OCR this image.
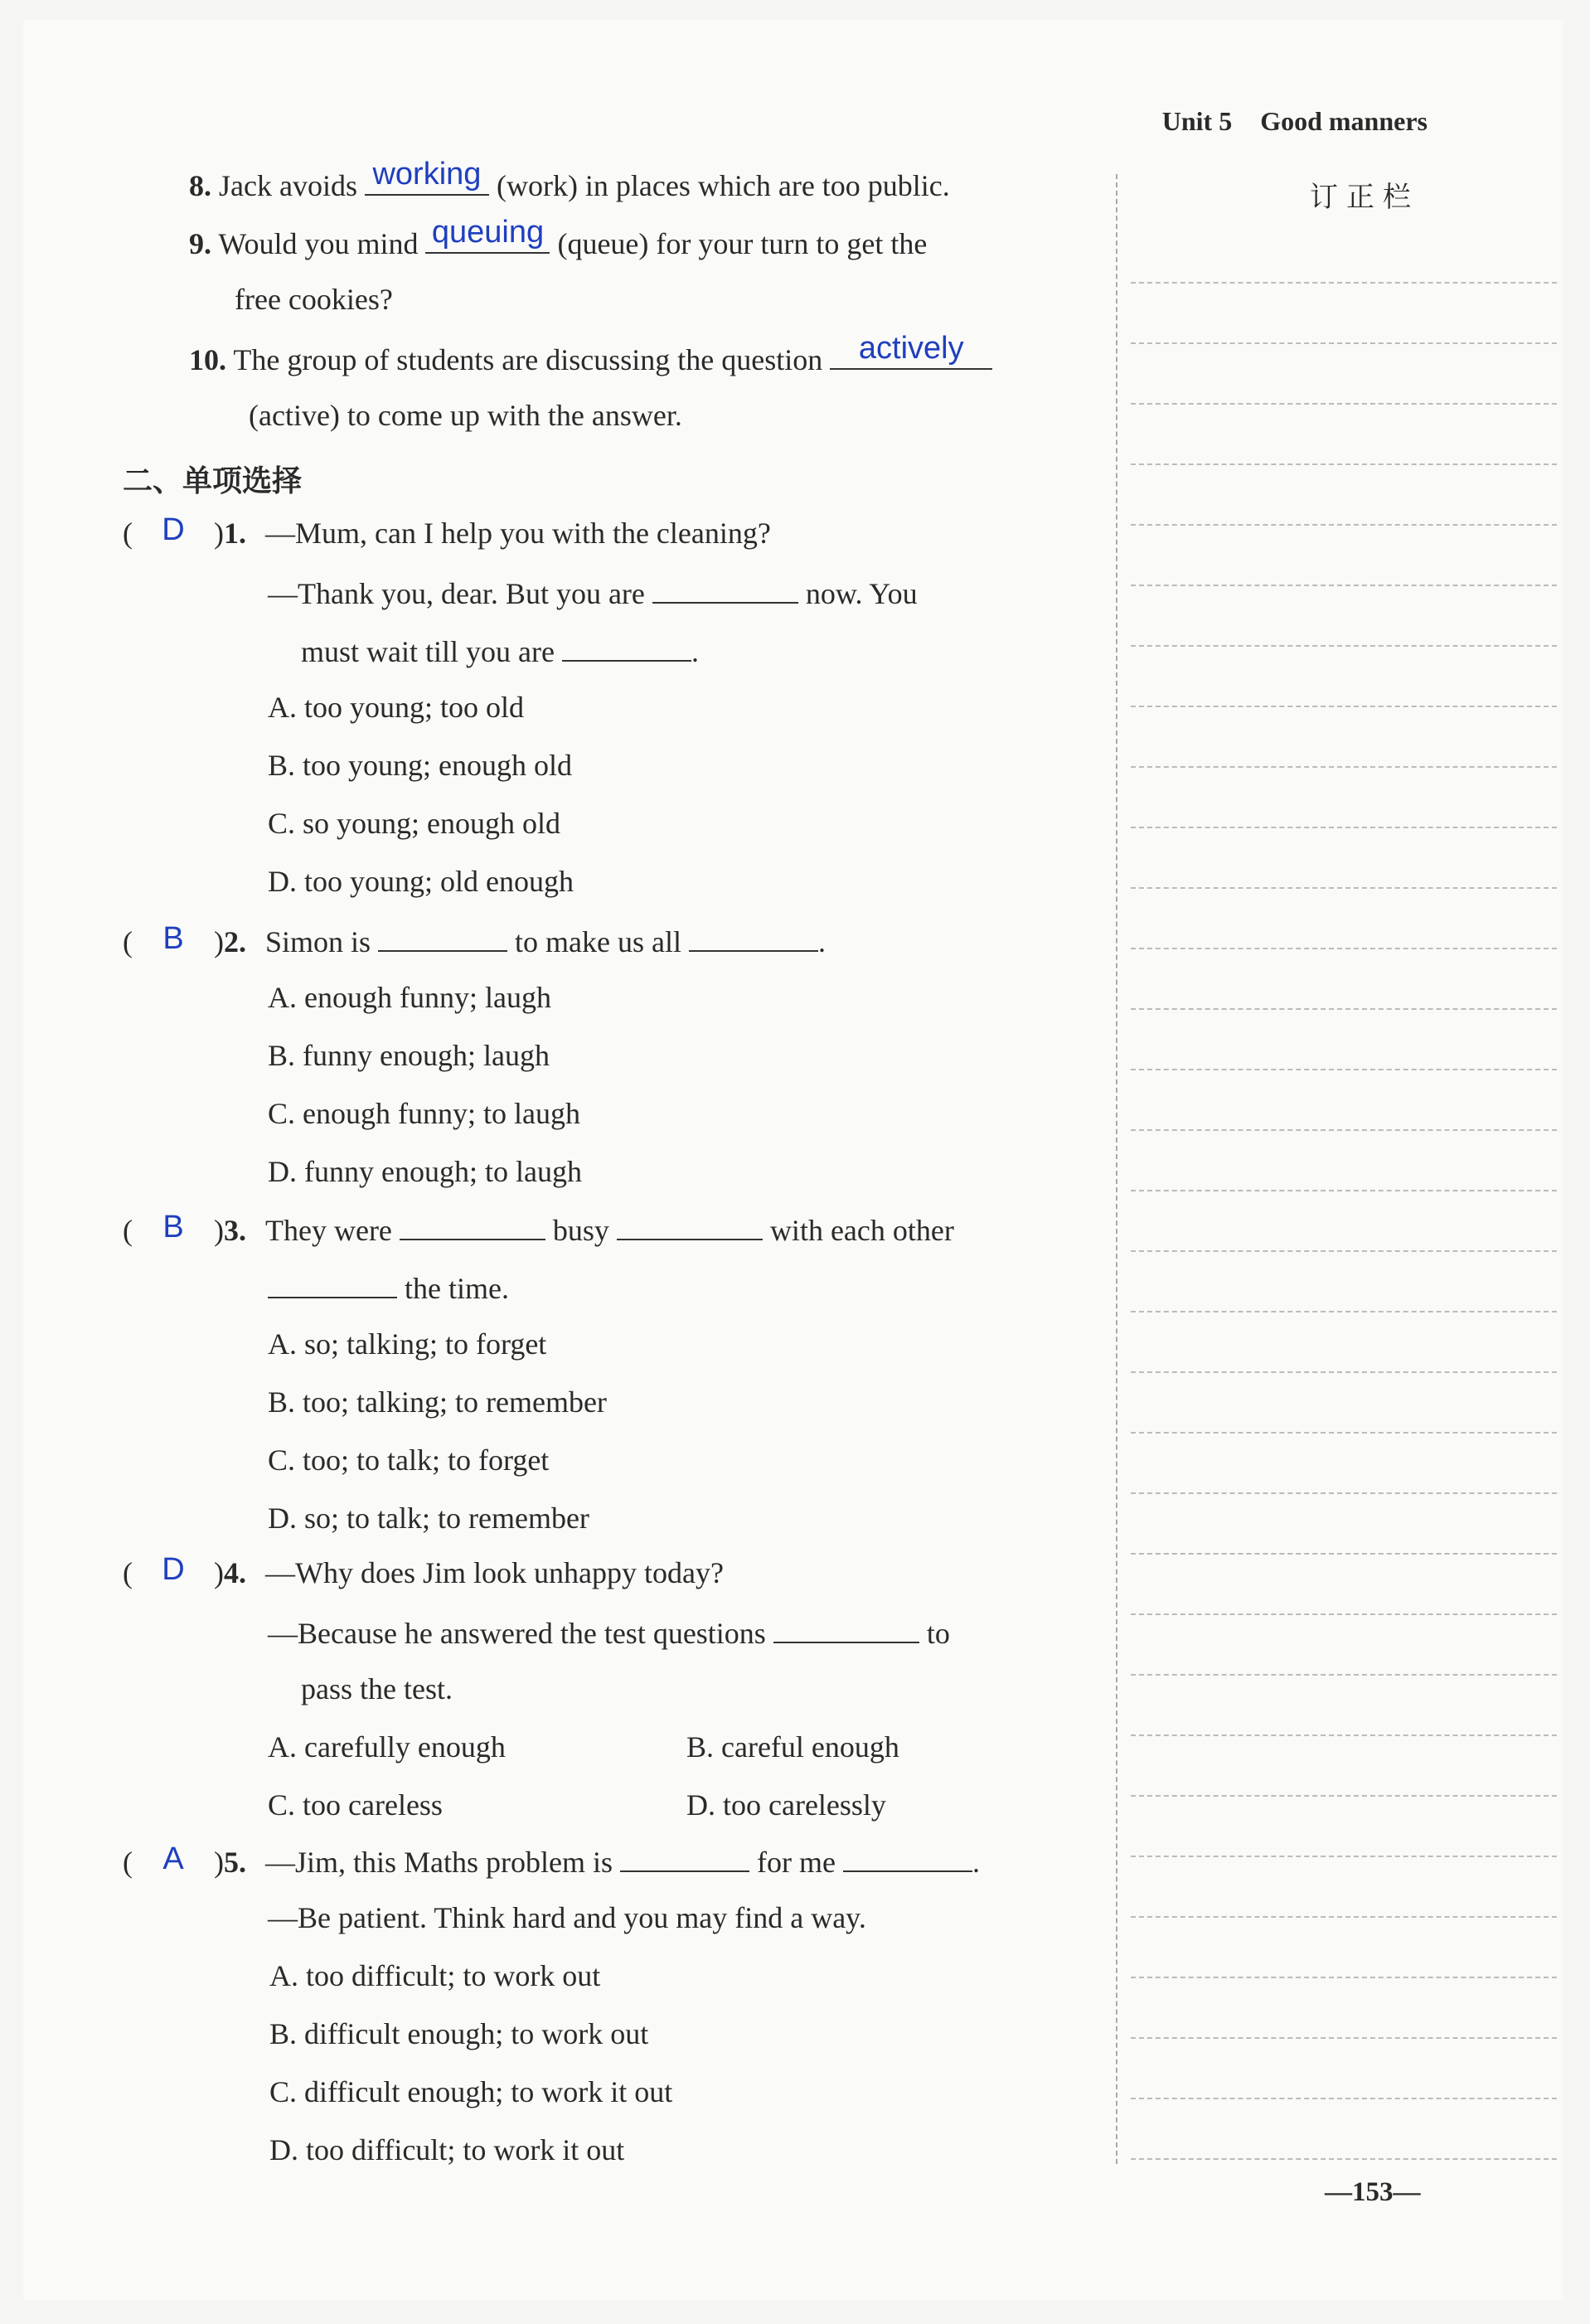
Unit 5 Good manners
订正栏
8. Jack avoids working (work) in places which are too public.
9. Would you mind queuing (queue) for your turn to get the
free cookies?
10. The group of students are discussing the question	actively
(active) to come up with the answer.
二、单项选择
( D )1. —Mum, can I help you with the cleaning?
—Thank you, dear. But you are	now. You
must wait till you are	.
A. too young; too old
B. too young; enough old
C. so young; enough old
D. too young; old enough
( B	)2. Simon is	to make us all	.
A. enough funny; laugh
B. funny enough; laugh
C. enough funny; to laugh
D. funny enough; to laugh
( B	)3. They were	busy	with each other
the time.
A. so; talking; to forget
B. too; talking; to remember
C. too; to talk; to forget
D. so; to talk; to remember
( D )4. —Why does Jim look unhappy today?
—Because he answered the test questions	to
pass the test.
A. carefully enough	B. careful enough
C. too careless	D. too carelessly
( A	)5. —Jim, this Maths problem is	for me	.
—Be patient. Think hard and you may find a way.
A. too difficult; to work out
B. difficult enough; to work out
C. difficult enough; to work it out
D. too difficult; to work it out
—153—
